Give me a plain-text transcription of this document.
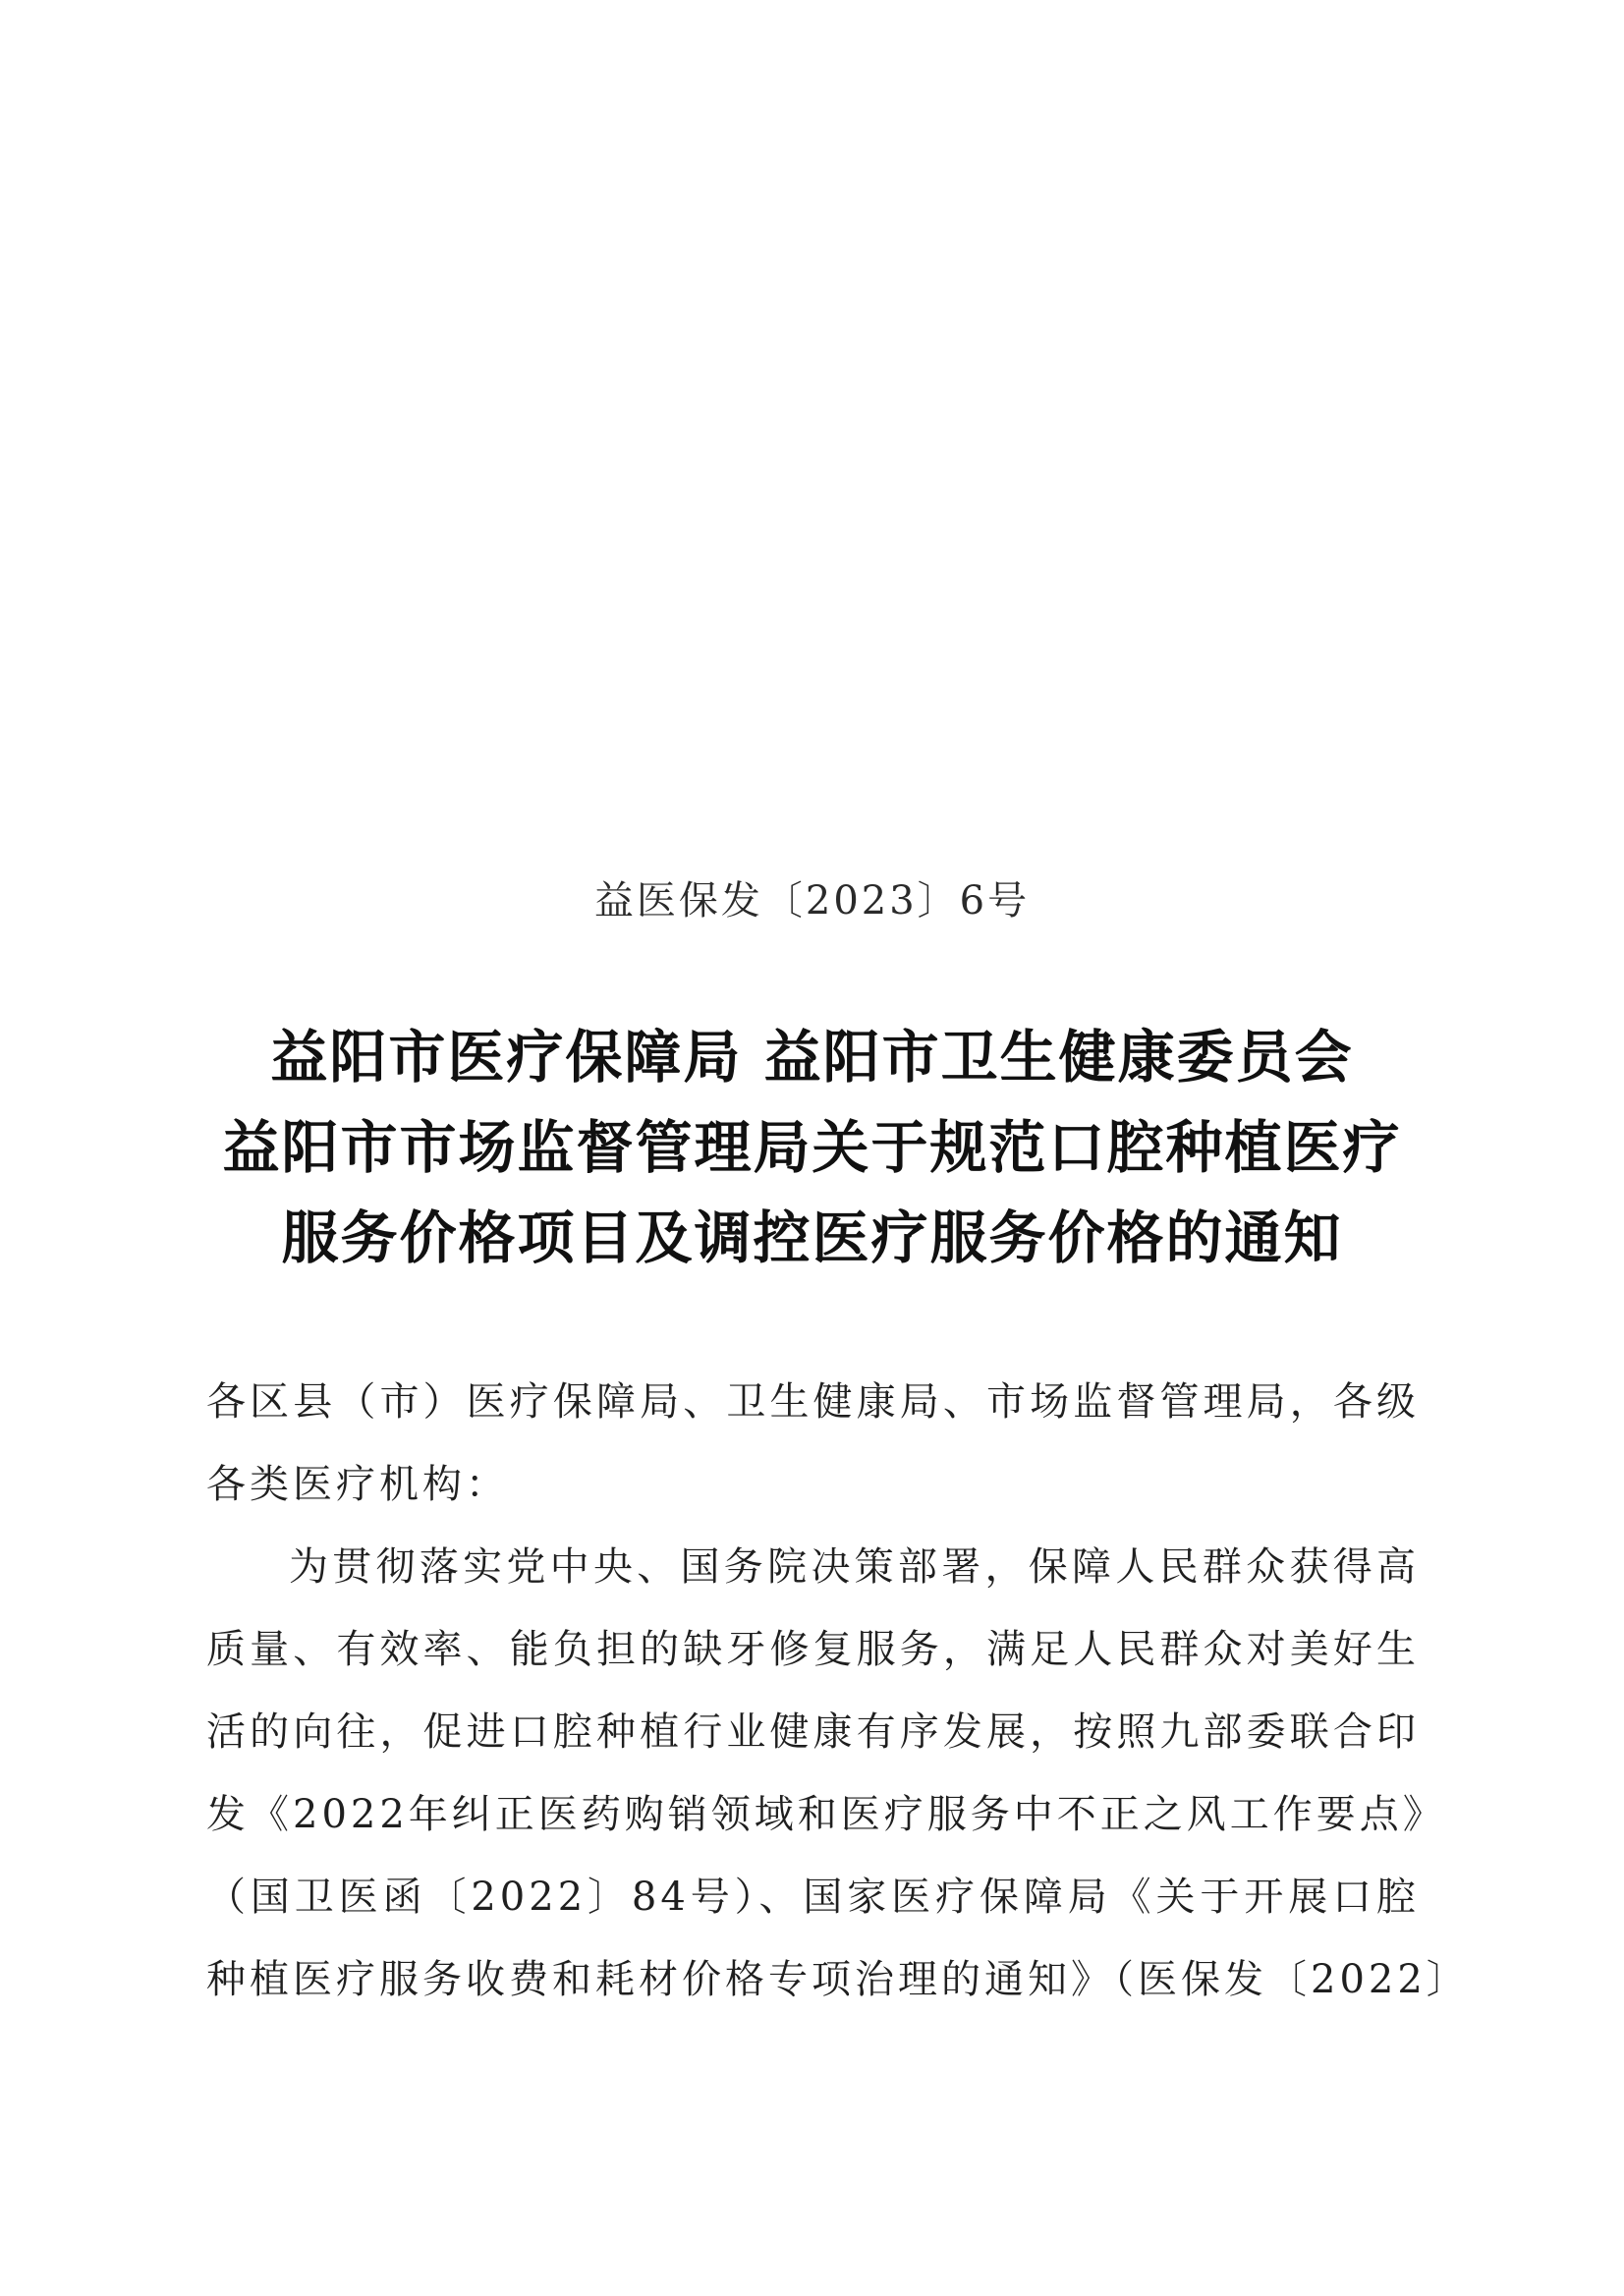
益医保发〔2023〕6号
益阳市医疗保障局 益阳市卫生健康委员会
益阳市市场监督管理局关于规范口腔种植医疗
服务价格项目及调控医疗服务价格的通知
各区县（市）医疗保障局、卫生健康局、市场监督管理局，各级
各类医疗机构：
为贯彻落实党中央、国务院决策部署，保障人民群众获得高
质量、有效率、能负担的缺牙修复服务，满足人民群众对美好生
活的向往，促进口腔种植行业健康有序发展，按照九部委联合印
发《2022年纠正医药购销领域和医疗服务中不正之风工作要点》
（国卫医函〔2022〕84号）、国家医疗保障局《关于开展口腔
种植医疗服务收费和耗材价格专项治理的通知》（医保发〔2022〕
